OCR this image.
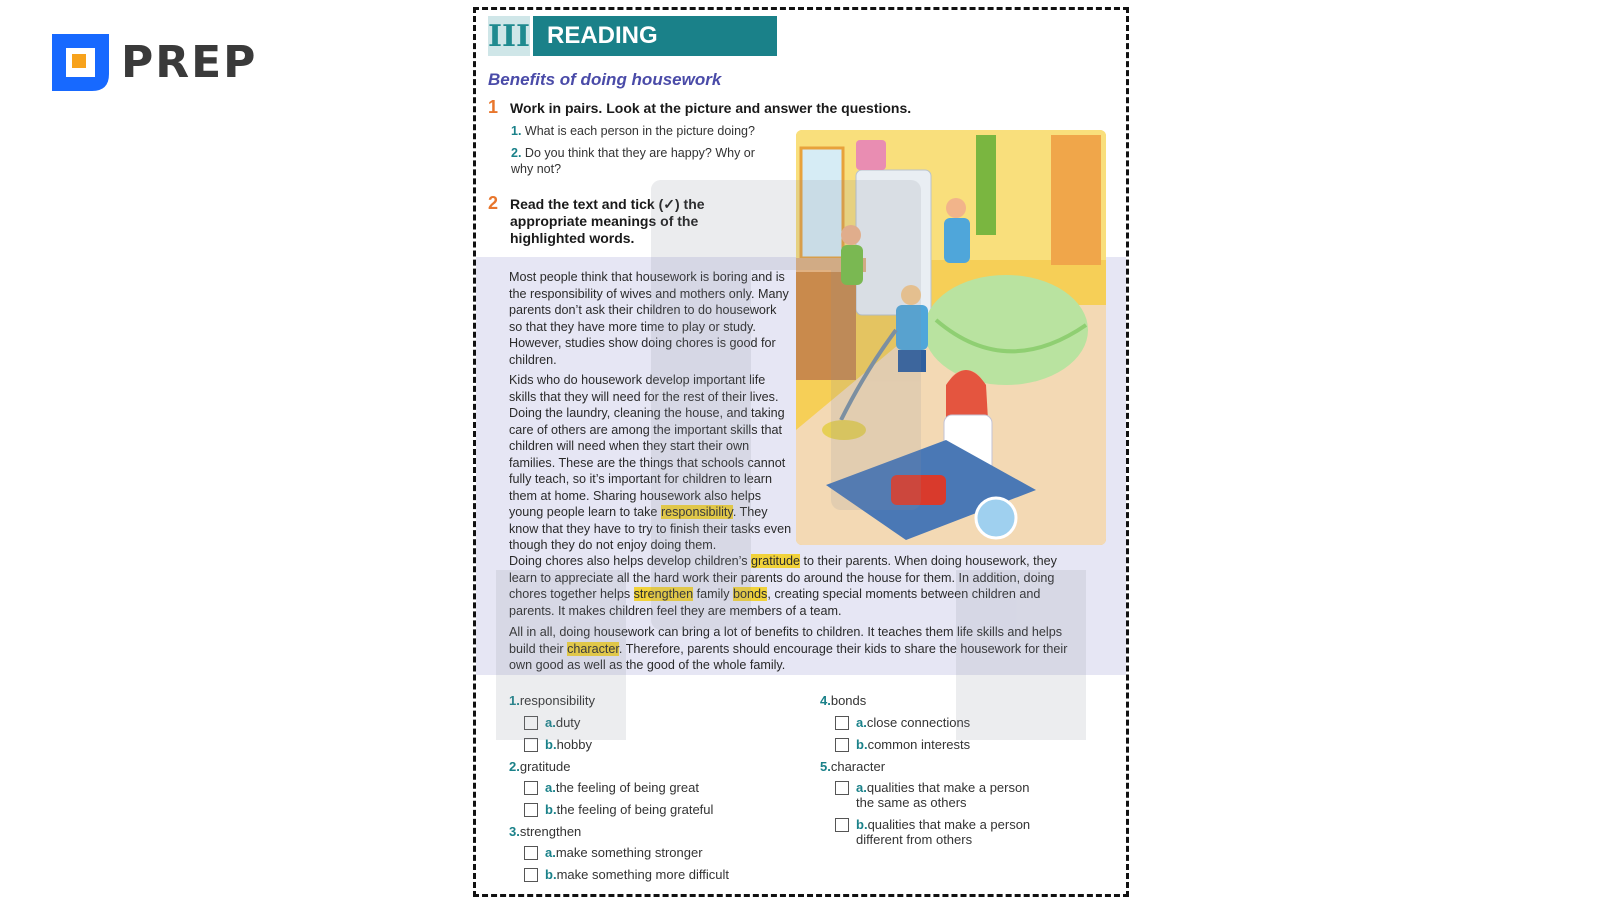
PREP
III READING
Benefits of doing housework
1 Work in pairs. Look at the picture and answer the questions.
1. What is each person in the picture doing?
2. Do you think that they are happy? Why or why not?
2 Read the text and tick (✓) the appropriate meanings of the highlighted words.
Most people think that housework is boring and is the responsibility of wives and mothers only. Many parents don’t ask their children to do housework so that they have more time to play or study. However, studies show doing chores is good for children.
Kids who do housework develop important life skills that they will need for the rest of their lives. Doing the laundry, cleaning the house, and taking care of others are among the important skills that children will need when they start their own families. These are the things that schools cannot fully teach, so it’s important for children to learn them at home. Sharing housework also helps young people learn to take responsibility. They know that they have to try to finish their tasks even though they do not enjoy doing them.
Doing chores also helps develop children’s gratitude to their parents. When doing housework, they learn to appreciate all the hard work their parents do around the house for them. In addition, doing chores together helps strengthen family bonds, creating special moments between children and parents. It makes children feel they are members of a team.
All in all, doing housework can bring a lot of benefits to children. It teaches them life skills and helps build their character. Therefore, parents should encourage their kids to share the housework for their own good as well as the good of the whole family.
1.responsibility
a.duty
b.hobby
2.gratitude
a.the feeling of being great
b.the feeling of being grateful
3.strengthen
a.make something stronger
b.make something more difficult
4.bonds
a.close connections
b.common interests
5.character
a.qualities that make a person the same as others
b.qualities that make a person different from others
